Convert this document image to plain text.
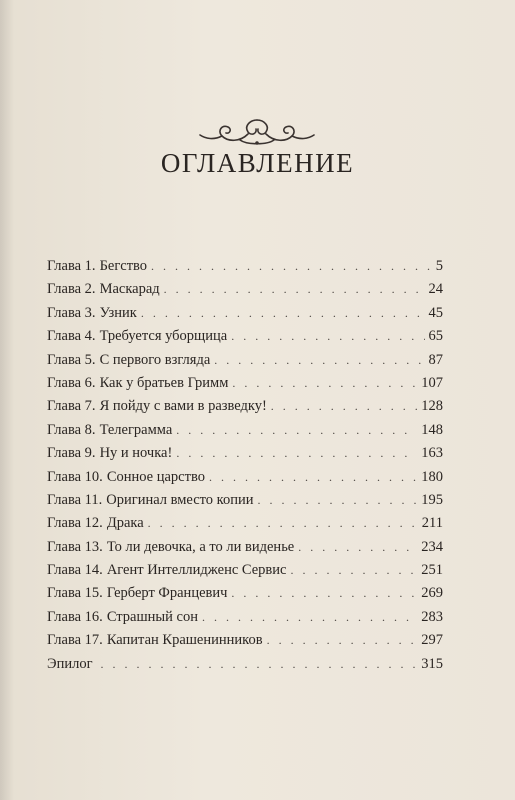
ОГЛАВЛЕНИЕ
Глава 1. Бегство . . .	5
Глава 2. Маскарад . . .	24
Глава 3. Узник . . .	45
Глава 4. Требуется уборщица . . .	65
Глава 5. С первого взгляда . . .	87
Глава 6. Как у братьев Гримм . . .	107
Глава 7. Я пойду с вами в разведку! . . .	128
Глава 8. Телеграмма . . .	148
Глава 9. Ну и ночка! . . .	163
Глава 10. Сонное царство . . .	180
Глава 11. Оригинал вместо копии . . .	195
Глава 12. Драка . . .	211
Глава 13. То ли девочка, а то ли виденье . . .	234
Глава 14. Агент Интеллидженс Сервис . . .	251
Глава 15. Герберт Францевич . . .	269
Глава 16. Страшный сон . . .	283
Глава 17. Капитан Крашенинников . . .	297
Эпилог . . .	315
